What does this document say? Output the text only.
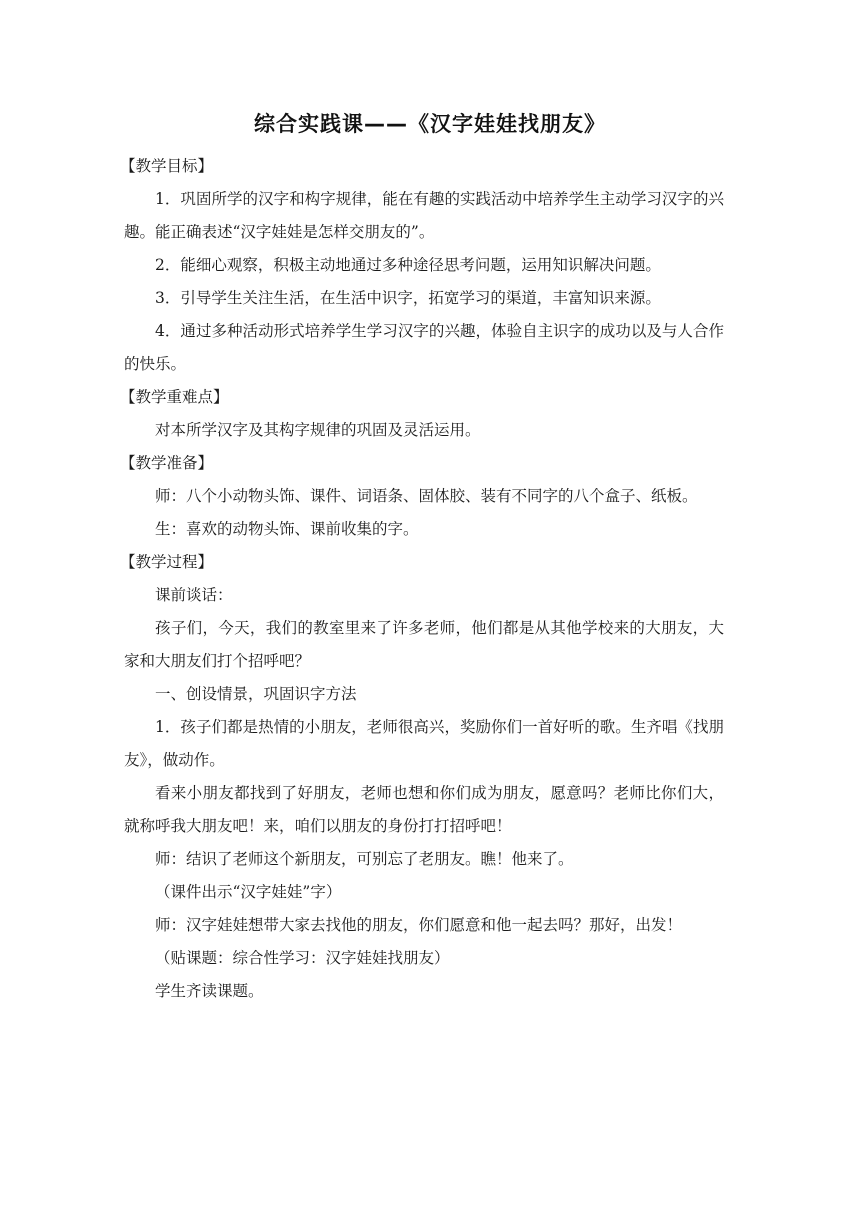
综合实践课——《汉字娃娃找朋友》

【教学目标】

1．巩固所学的汉字和构字规律，能在有趣的实践活动中培养学生主动学习汉字的兴趣。能正确表述“汉字娃娃是怎样交朋友的”。

2．能细心观察，积极主动地通过多种途径思考问题，运用知识解决问题。

3．引导学生关注生活，在生活中识字，拓宽学习的渠道，丰富知识来源。

4．通过多种活动形式培养学生学习汉字的兴趣，体验自主识字的成功以及与人合作的快乐。

【教学重难点】

对本所学汉字及其构字规律的巩固及灵活运用。

【教学准备】

师：八个小动物头饰、课件、词语条、固体胶、装有不同字的八个盒子、纸板。

生：喜欢的动物头饰、课前收集的字。

【教学过程】

课前谈话：

孩子们，今天，我们的教室里来了许多老师，他们都是从其他学校来的大朋友，大家和大朋友们打个招呼吧？

一、创设情景，巩固识字方法

1．孩子们都是热情的小朋友，老师很高兴，奖励你们一首好听的歌。生齐唱《找朋友》，做动作。

看来小朋友都找到了好朋友，老师也想和你们成为朋友，愿意吗？老师比你们大，就称呼我大朋友吧！来，咱们以朋友的身份打打招呼吧！

师：结识了老师这个新朋友，可别忘了老朋友。瞧！他来了。

（课件出示“汉字娃娃”字）

师：汉字娃娃想带大家去找他的朋友，你们愿意和他一起去吗？那好，出发！

（贴课题：综合性学习：汉字娃娃找朋友）

学生齐读课题。
